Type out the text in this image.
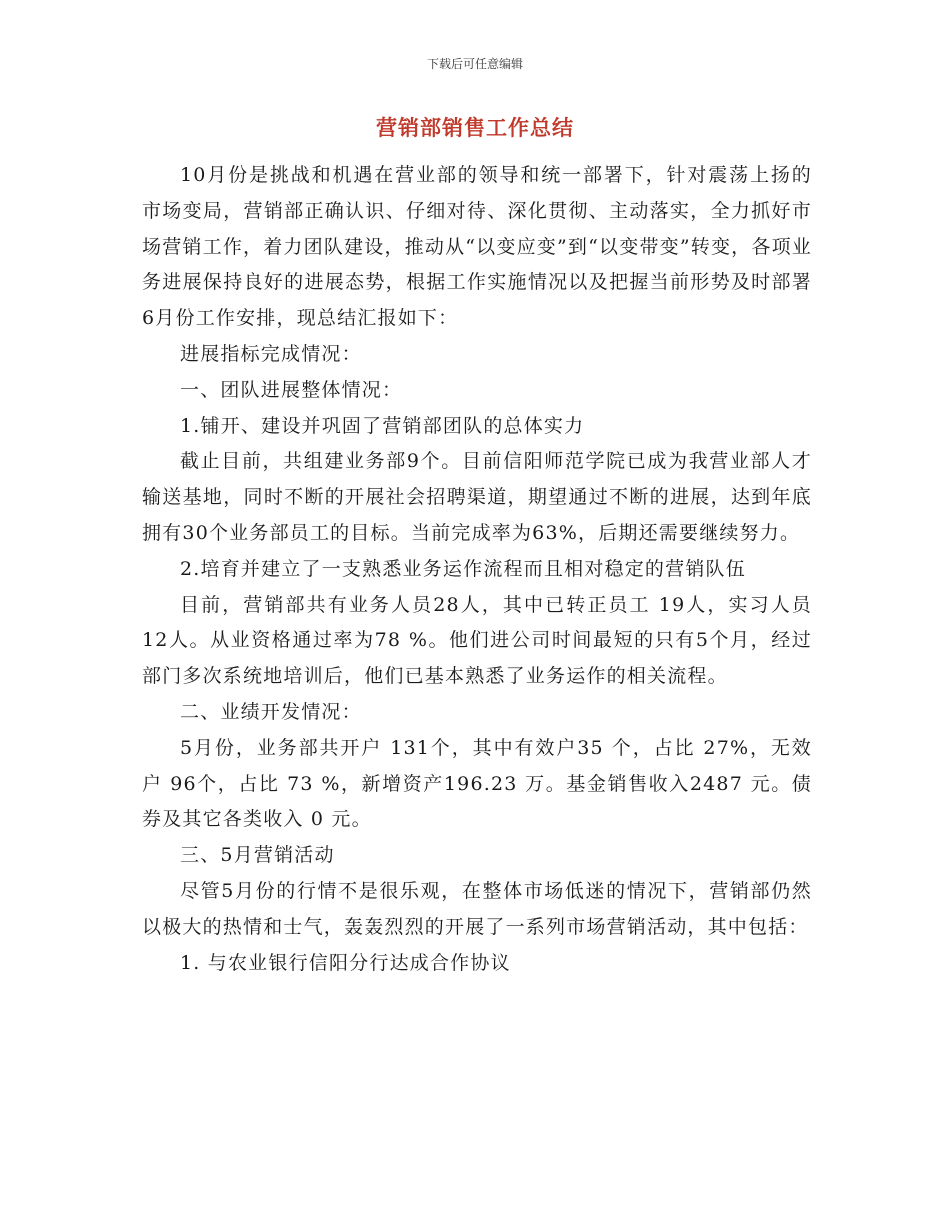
下载后可任意编辑
营销部销售工作总结

10月份是挑战和机遇在营业部的领导和统一部署下，针对震荡上扬的市场变局，营销部正确认识、仔细对待、深化贯彻、主动落实，全力抓好市场营销工作，着力团队建设，推动从“以变应变”到“以变带变”转变，各项业务进展保持良好的进展态势，根据工作实施情况以及把握当前形势及时部署6月份工作安排，现总结汇报如下：

进展指标完成情况：

一、团队进展整体情况：

1.铺开、建设并巩固了营销部团队的总体实力

截止目前，共组建业务部9个。目前信阳师范学院已成为我营业部人才输送基地，同时不断的开展社会招聘渠道，期望通过不断的进展，达到年底拥有30个业务部员工的目标。当前完成率为63%，后期还需要继续努力。

2.培育并建立了一支熟悉业务运作流程而且相对稳定的营销队伍

目前，营销部共有业务人员28人，其中已转正员工 19人，实习人员12人。从业资格通过率为78 %。他们进公司时间最短的只有5个月，经过部门多次系统地培训后，他们已基本熟悉了业务运作的相关流程。

二、业绩开发情况：

5月份，业务部共开户 131个，其中有效户35 个，占比 27%，无效户 96个，占比 73 %，新增资产196.23 万。基金销售收入2487 元。债券及其它各类收入 0 元。

三、5月营销活动

尽管5月份的行情不是很乐观，在整体市场低迷的情况下，营销部仍然以极大的热情和士气，轰轰烈烈的开展了一系列市场营销活动，其中包括：

1. 与农业银行信阳分行达成合作协议
